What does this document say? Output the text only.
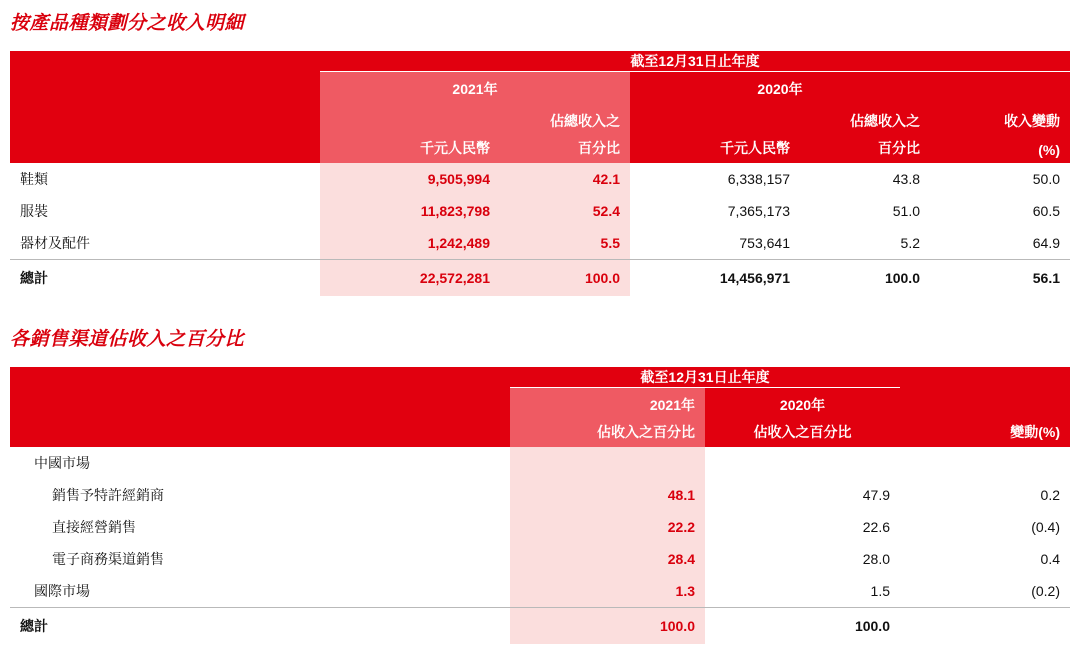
按產品種類劃分之收入明細
	截至12月31日止年度				

	2021年		2020年		

		佔總收入之		佔總收入之	收入變動

	千元人民幣	百分比	千元人民幣	百分比	(%)

鞋類	9,505,994	42.1	6,338,157	43.8	50.0
服裝	11,823,798	52.4	7,365,173	51.0	60.5
器材及配件	1,242,489	5.5	753,641	5.2	64.9
總計	22,572,281	100.0	14,456,971	100.0	56.1
各銷售渠道佔收入之百分比
	截至12月31日止年度		

	2021年	2020年	

	佔收入之百分比	佔收入之百分比	變動(%)

中國市場			
銷售予特許經銷商	48.1	47.9	0.2
直接經營銷售	22.2	22.6	(0.4)
電子商務渠道銷售	28.4	28.0	0.4
國際市場	1.3	1.5	(0.2)
總計	100.0	100.0	
